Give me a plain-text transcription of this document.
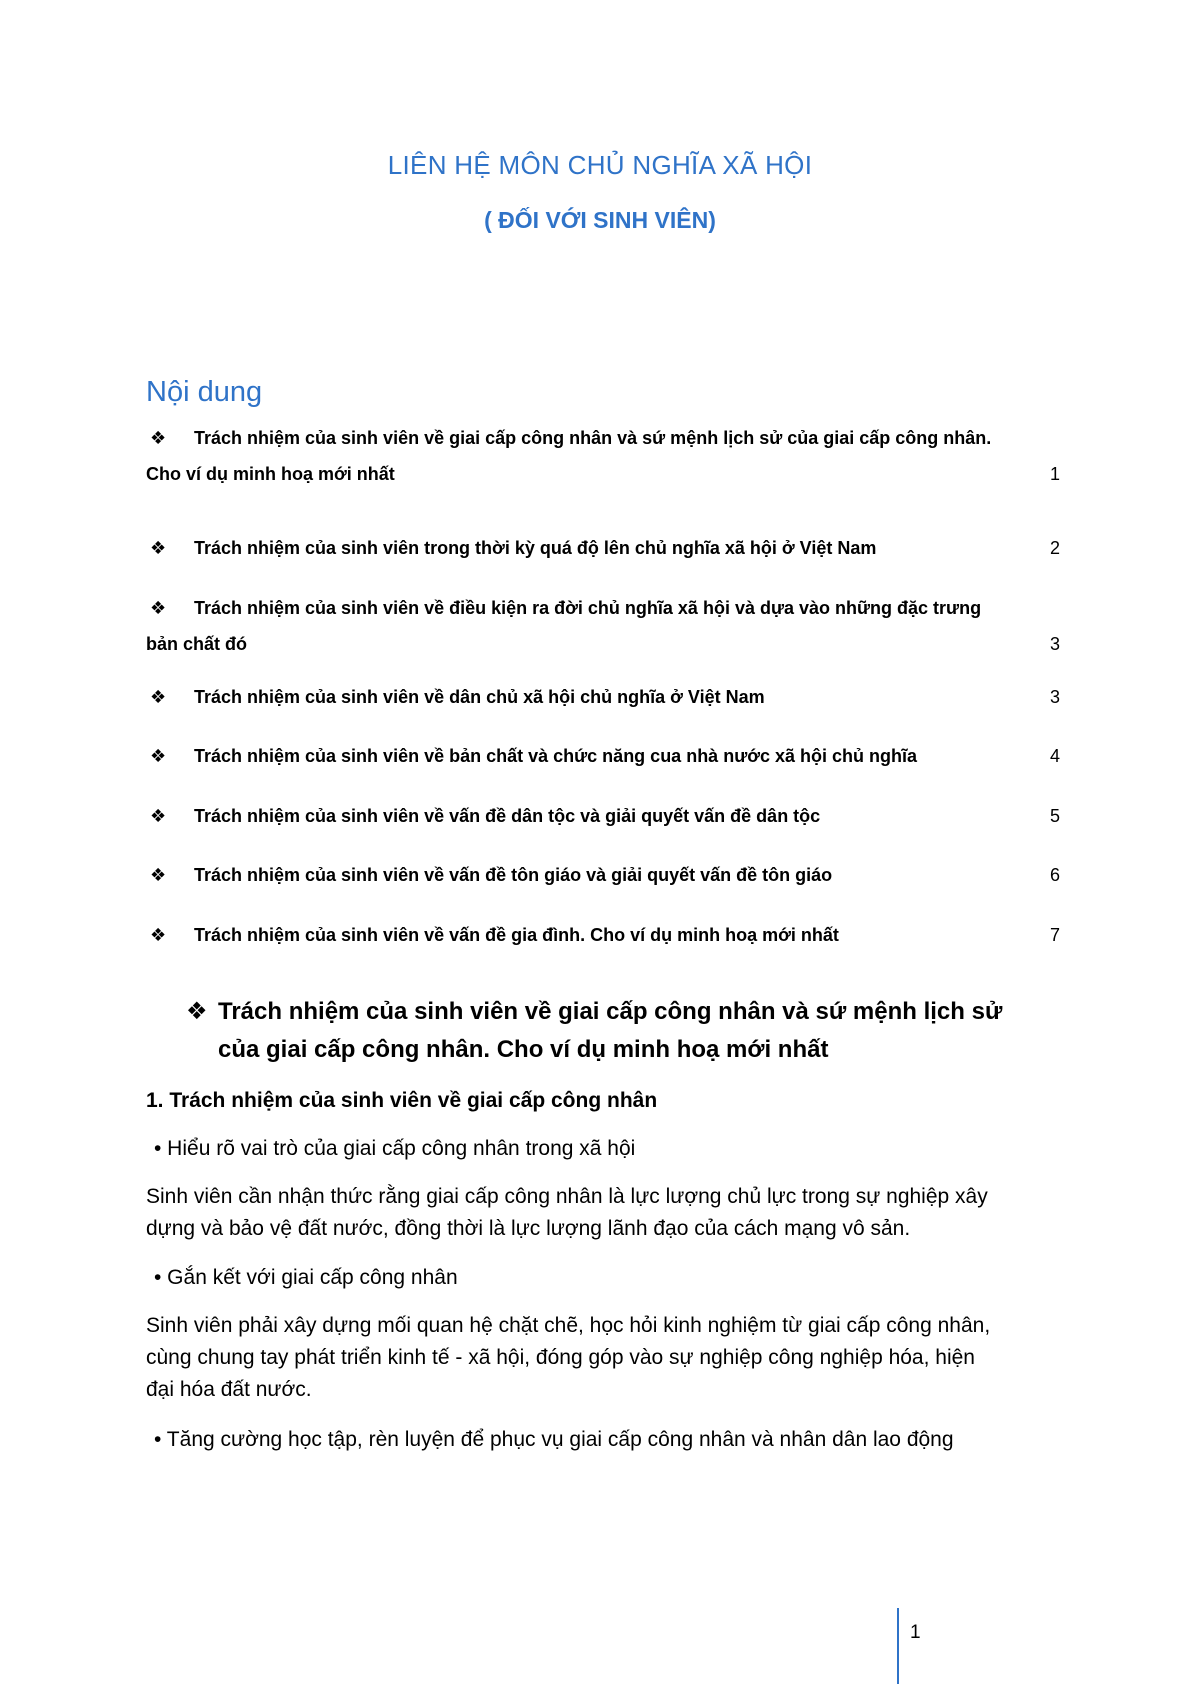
LIÊN HỆ MÔN CHỦ NGHĨA XÃ HỘI
( ĐỐI VỚI SINH VIÊN)
Nội dung
❖ Trách nhiệm của sinh viên về giai cấp công nhân và sứ mệnh lịch sử của giai cấp công nhân.
Cho ví dụ minh hoạ mới nhất	1
❖ Trách nhiệm của sinh viên trong thời kỳ quá độ lên chủ nghĩa xã hội ở Việt Nam	2
❖ Trách nhiệm của sinh viên về điều kiện ra đời chủ nghĩa xã hội và dựa vào những đặc trưng
bản chất đó	3
❖ Trách nhiệm của sinh viên về dân chủ xã hội chủ nghĩa ở Việt Nam	3
❖ Trách nhiệm của sinh viên về bản chất và chức năng cua nhà nước xã hội chủ nghĩa	4
❖ Trách nhiệm của sinh viên về vấn đề dân tộc và giải quyết vấn đề dân tộc	5
❖ Trách nhiệm của sinh viên về vấn đề tôn giáo và giải quyết vấn đề tôn giáo	6
❖ Trách nhiệm của sinh viên về vấn đề gia đình. Cho ví dụ minh hoạ mới nhất	7
❖ Trách nhiệm của sinh viên về giai cấp công nhân và sứ mệnh lịch sử
của giai cấp công nhân. Cho ví dụ minh hoạ mới nhất
1. Trách nhiệm của sinh viên về giai cấp công nhân
• Hiểu rõ vai trò của giai cấp công nhân trong xã hội
Sinh viên cần nhận thức rằng giai cấp công nhân là lực lượng chủ lực trong sự nghiệp xây
dựng và bảo vệ đất nước, đồng thời là lực lượng lãnh đạo của cách mạng vô sản.
• Gắn kết với giai cấp công nhân
Sinh viên phải xây dựng mối quan hệ chặt chẽ, học hỏi kinh nghiệm từ giai cấp công nhân,
cùng chung tay phát triển kinh tế - xã hội, đóng góp vào sự nghiệp công nghiệp hóa, hiện
đại hóa đất nước.
• Tăng cường học tập, rèn luyện để phục vụ giai cấp công nhân và nhân dân lao động
1
